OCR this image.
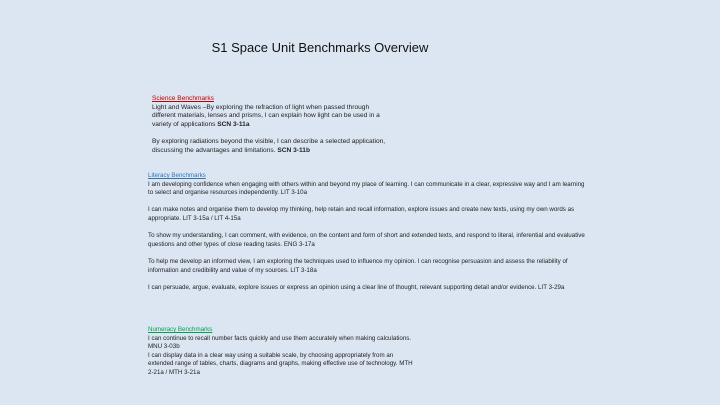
S1 Space Unit Benchmarks Overview
Science Benchmarks

Light and Waves –By exploring the refraction of light when passed through different materials, lenses and prisms, I can explain how light can be used in a variety of applications SCN 3-11a

By exploring radiations beyond the visible, I can describe a selected application, discussing the advantages and limitations. SCN 3-11b

Literacy Benchmarks

I am developing confidence when engaging with others within and beyond my place of learning. I can communicate in a clear, expressive way and I am learning to select and organise resources independently. LIT 3-10a

I can make notes and organise them to develop my thinking, help retain and recall information, explore issues and create new texts, using my own words as appropriate. LIT 3-15a / LIT 4-15a

To show my understanding, I can comment, with evidence, on the content and form of short and extended texts, and respond to literal, inferential and evaluative questions and other types of close reading tasks. ENG 3-17a

To help me develop an informed view, I am exploring the techniques used to influence my opinion. I can recognise persuasion and assess the reliability of information and credibility and value of my sources. LIT 3-18a

I can persuade, argue, evaluate, explore issues or express an opinion using a clear line of thought, relevant supporting detail and/or evidence. LIT 3-29a

Numeracy Benchmarks

I can continue to recall number facts quickly and use them accurately when making calculations. MNU 3-03b

I can display data in a clear way using a suitable scale, by choosing appropriately from an extended range of tables, charts, diagrams and graphs, making effective use of technology. MTH 2-21a / MTH 3-21a
